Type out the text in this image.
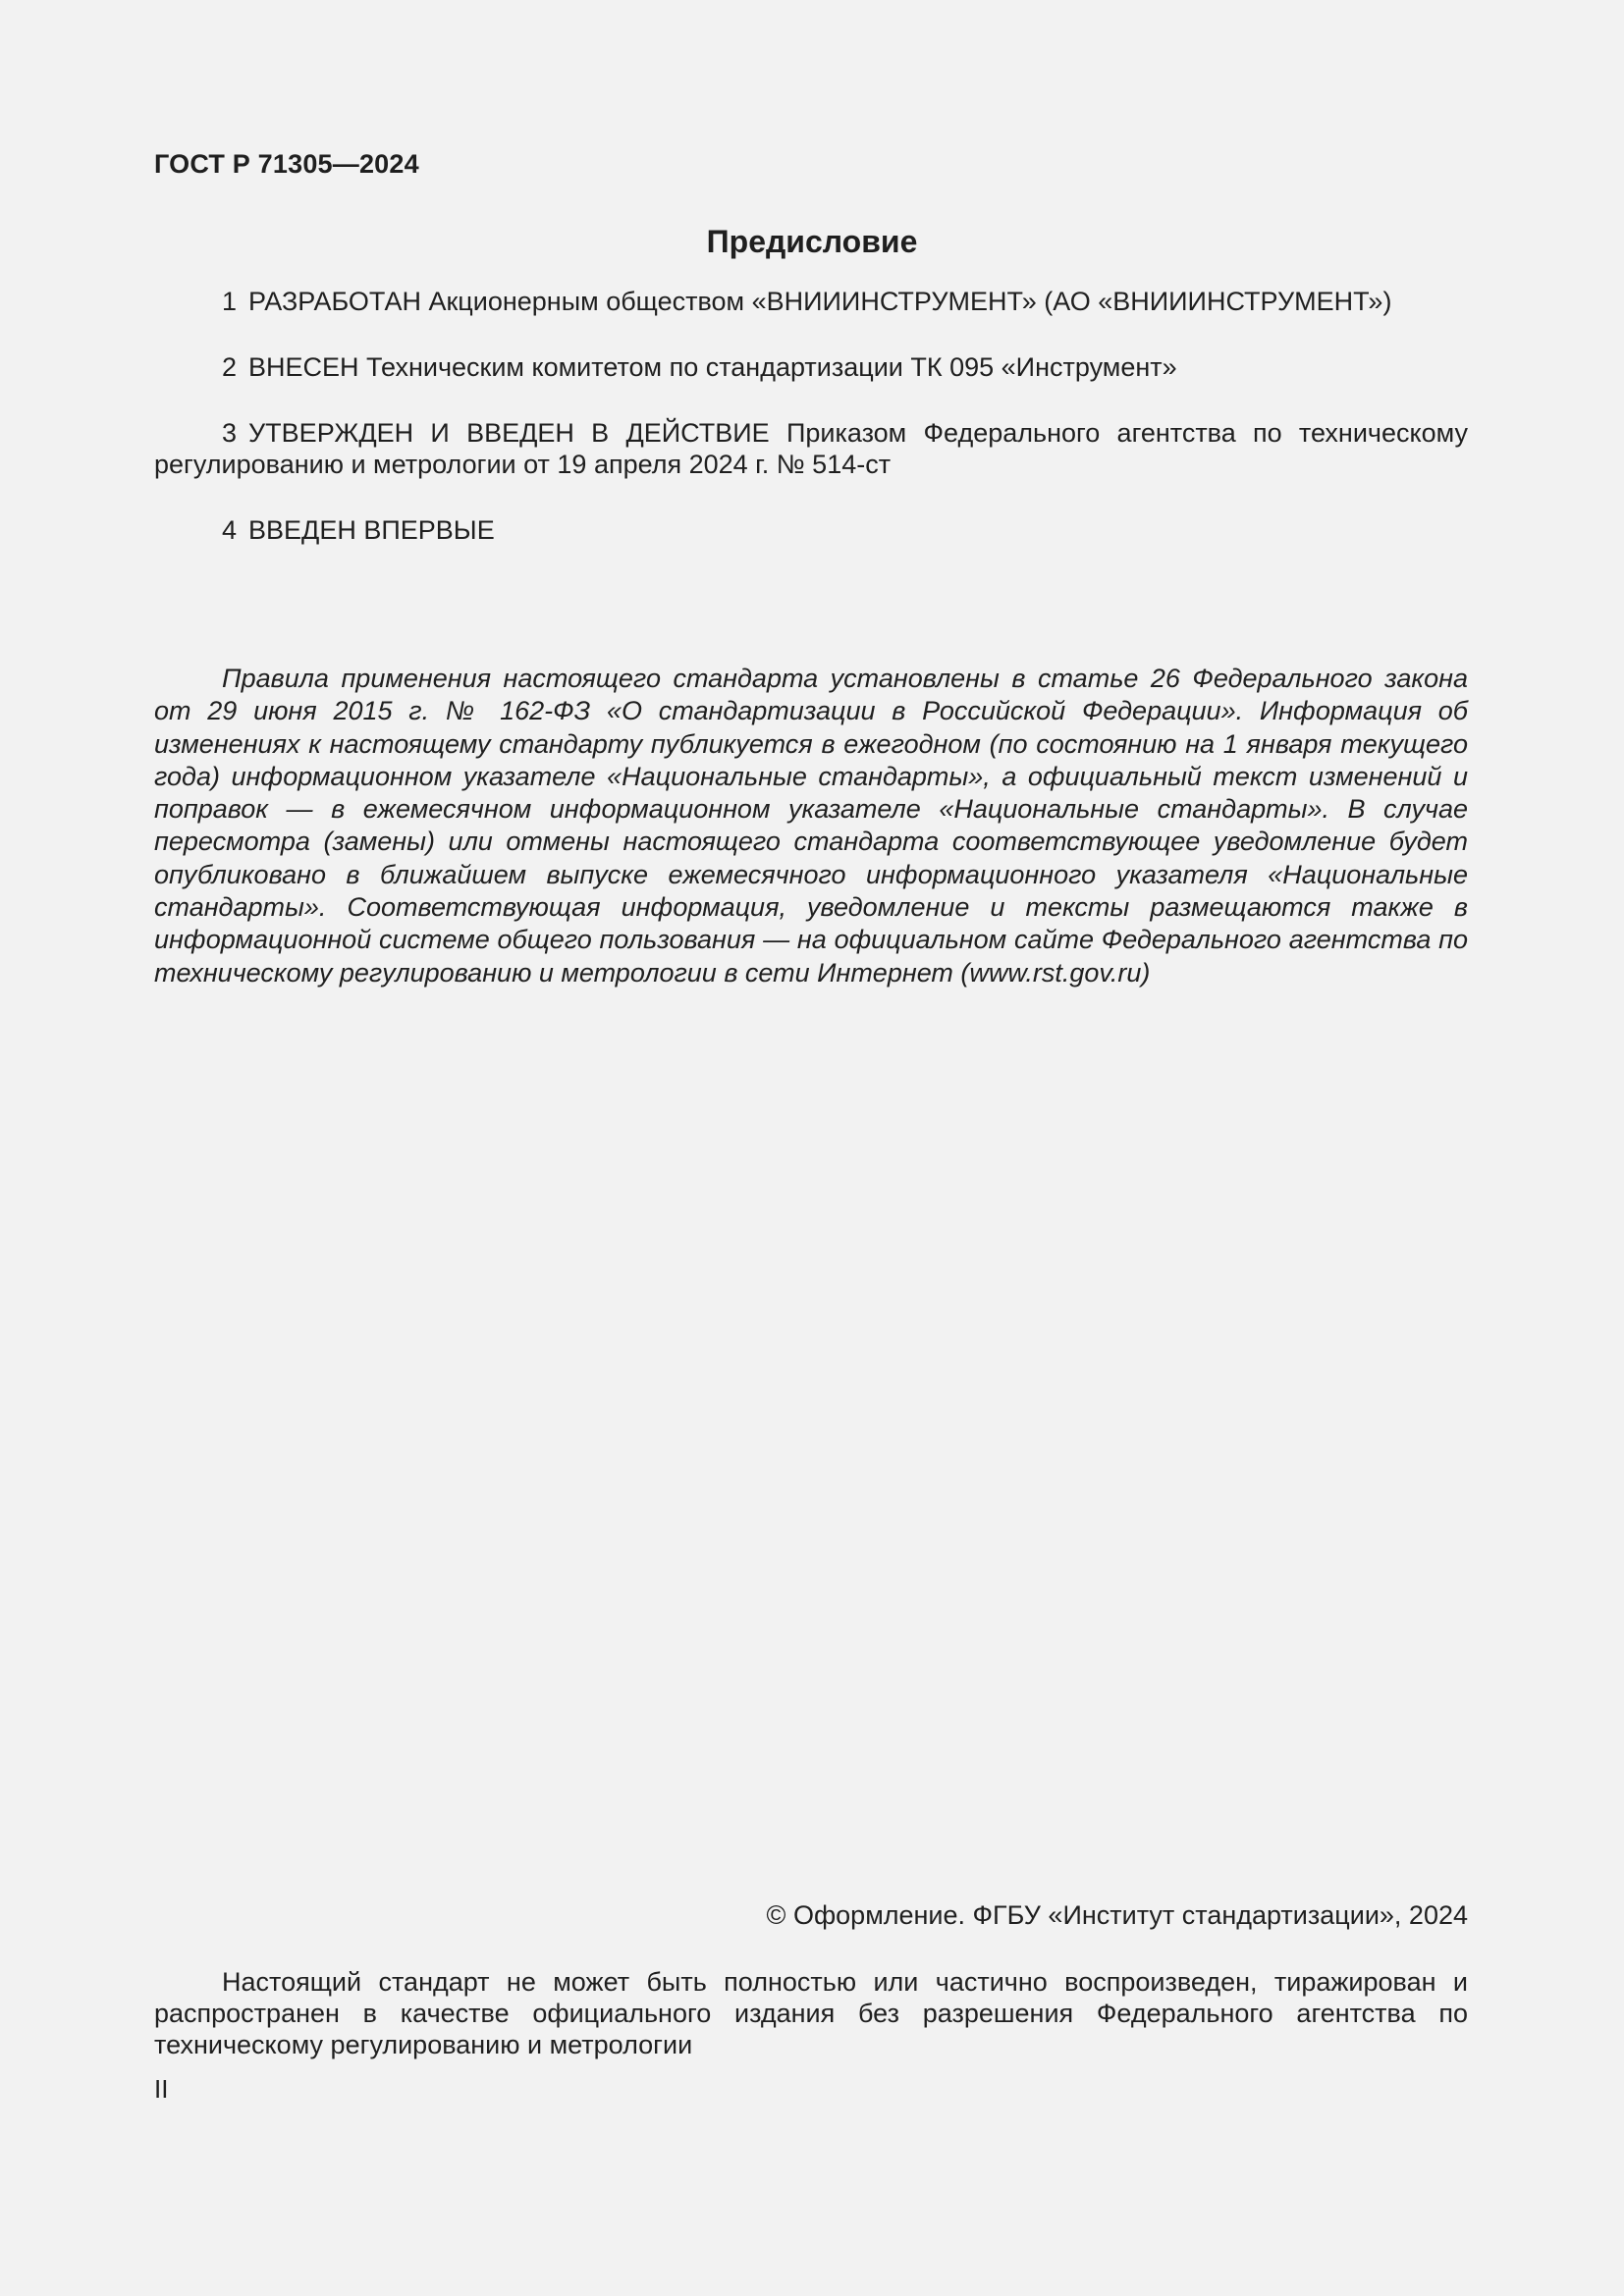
ГОСТ Р 71305—2024
Предисловие
1 РАЗРАБОТАН Акционерным обществом «ВНИИИНСТРУМЕНТ» (АО «ВНИИИНСТРУМЕНТ»)
2 ВНЕСЕН Техническим комитетом по стандартизации ТК 095 «Инструмент»
3 УТВЕРЖДЕН И ВВЕДЕН В ДЕЙСТВИЕ Приказом Федерального агентства по техническому
регулированию и метрологии от 19 апреля 2024 г. № 514-ст
4 ВВЕДЕН ВПЕРВЫЕ
Правила применения настоящего стандарта установлены в статье 26 Федерального закона от 29 июня 2015 г. № 162-ФЗ «О стандартизации в Российской Федерации». Информация об изменениях к настоящему стандарту публикуется в ежегодном (по состоянию на 1 января текущего года) информационном указателе «Национальные стандарты», а официальный текст изменений и поправок — в ежемесячном информационном указателе «Национальные стандарты». В случае пересмотра (замены) или отмены настоящего стандарта соответствующее уведомление будет опубликовано в ближайшем выпуске ежемесячного информационного указателя «Национальные стандарты». Соответствующая информация, уведомление и тексты размещаются также в информационной системе общего пользования — на официальном сайте Федерального агентства по техническому регулированию и метрологии в сети Интернет (www.rst.gov.ru)
© Оформление. ФГБУ «Институт стандартизации», 2024
Настоящий стандарт не может быть полностью или частично воспроизведен, тиражирован и распространен в качестве официального издания без разрешения Федерального агентства по техническому регулированию и метрологии
II
